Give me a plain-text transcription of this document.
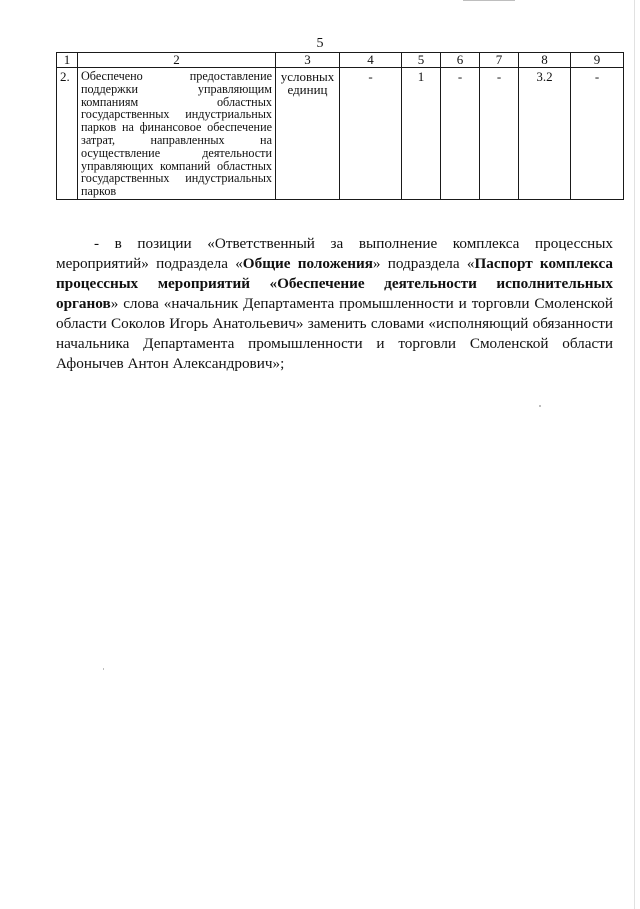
5
1	2	3	4	5	6	7	8	9
2.	Обеспечено предоставление поддержки управляющим компаниям областных государственных индустриальных парков на финансовое обеспечение затрат, направленных на осуществление деятельности управляющих компаний областных государственных индустриальных парков	условных единиц	-	1	-	-	3.2	-

- в позиции «Ответственный за выполнение комплекса процессных мероприятий» подраздела «Общие положения» подраздела «Паспорт комплекса процессных мероприятий «Обеспечение деятельности исполнительных органов» слова «начальник Департамента промышленности и торговли Смоленской области Соколов Игорь Анатольевич» заменить словами «исполняющий обязанности начальника Департамента промышленности и торговли Смоленской области Афонычев Антон Александрович»;
